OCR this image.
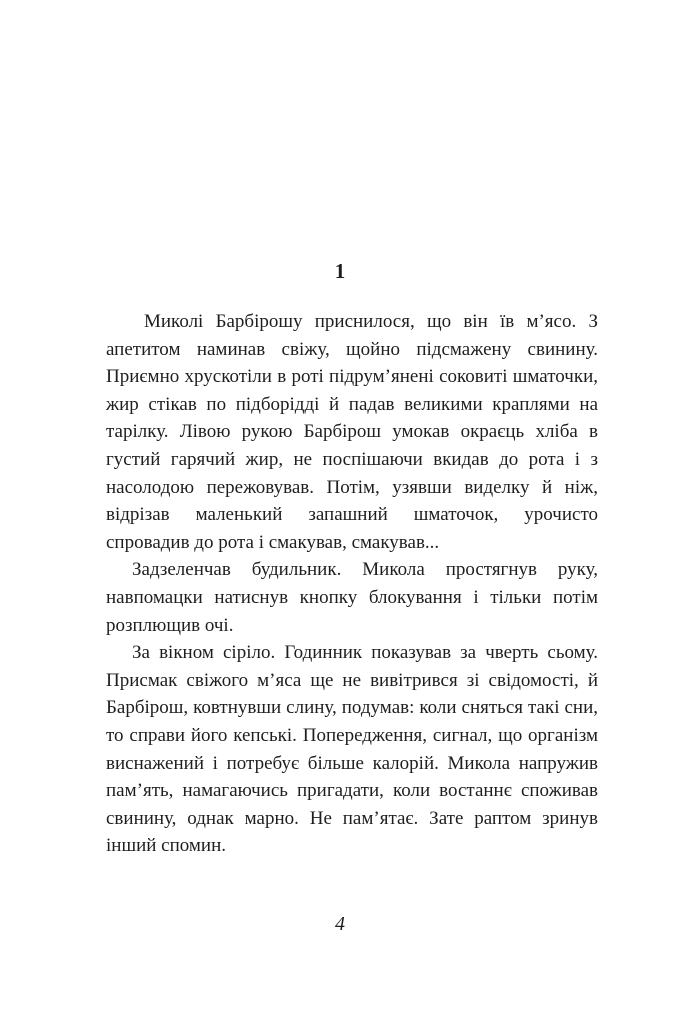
1

Миколі Барбірошу приснилося, що він їв м’ясо. З апетитом наминав свіжу, щойно підсмажену свинину. Приємно хрускотіли в роті підрум’янені соковиті шматочки, жир стікав по підборідді й падав великими краплями на тарілку. Лівою рукою Барбірош умокав окраєць хліба в густий гарячий жир, не поспішаючи вкидав до рота і з насолодою пережовував. Потім, узявши виделку й ніж, відрізав маленький запашний шматочок, урочисто спровадив до рота і смакував, смакував...

Задзеленчав будильник. Микола простягнув руку, навпомацки натиснув кнопку блокування і тільки потім розплющив очі.

За вікном сіріло. Годинник показував за чверть сьому. Присмак свіжого м’яса ще не вивітрився зі свідомості, й Барбірош, ковтнувши слину, подумав: коли сняться такі сни, то справи його кепські. Попередження, сигнал, що організм виснажений і потребує більше калорій. Микола напружив пам’ять, намагаючись пригадати, коли востаннє споживав свинину, однак марно. Не пам’ятає. Зате раптом зринув інший спомин.

4
